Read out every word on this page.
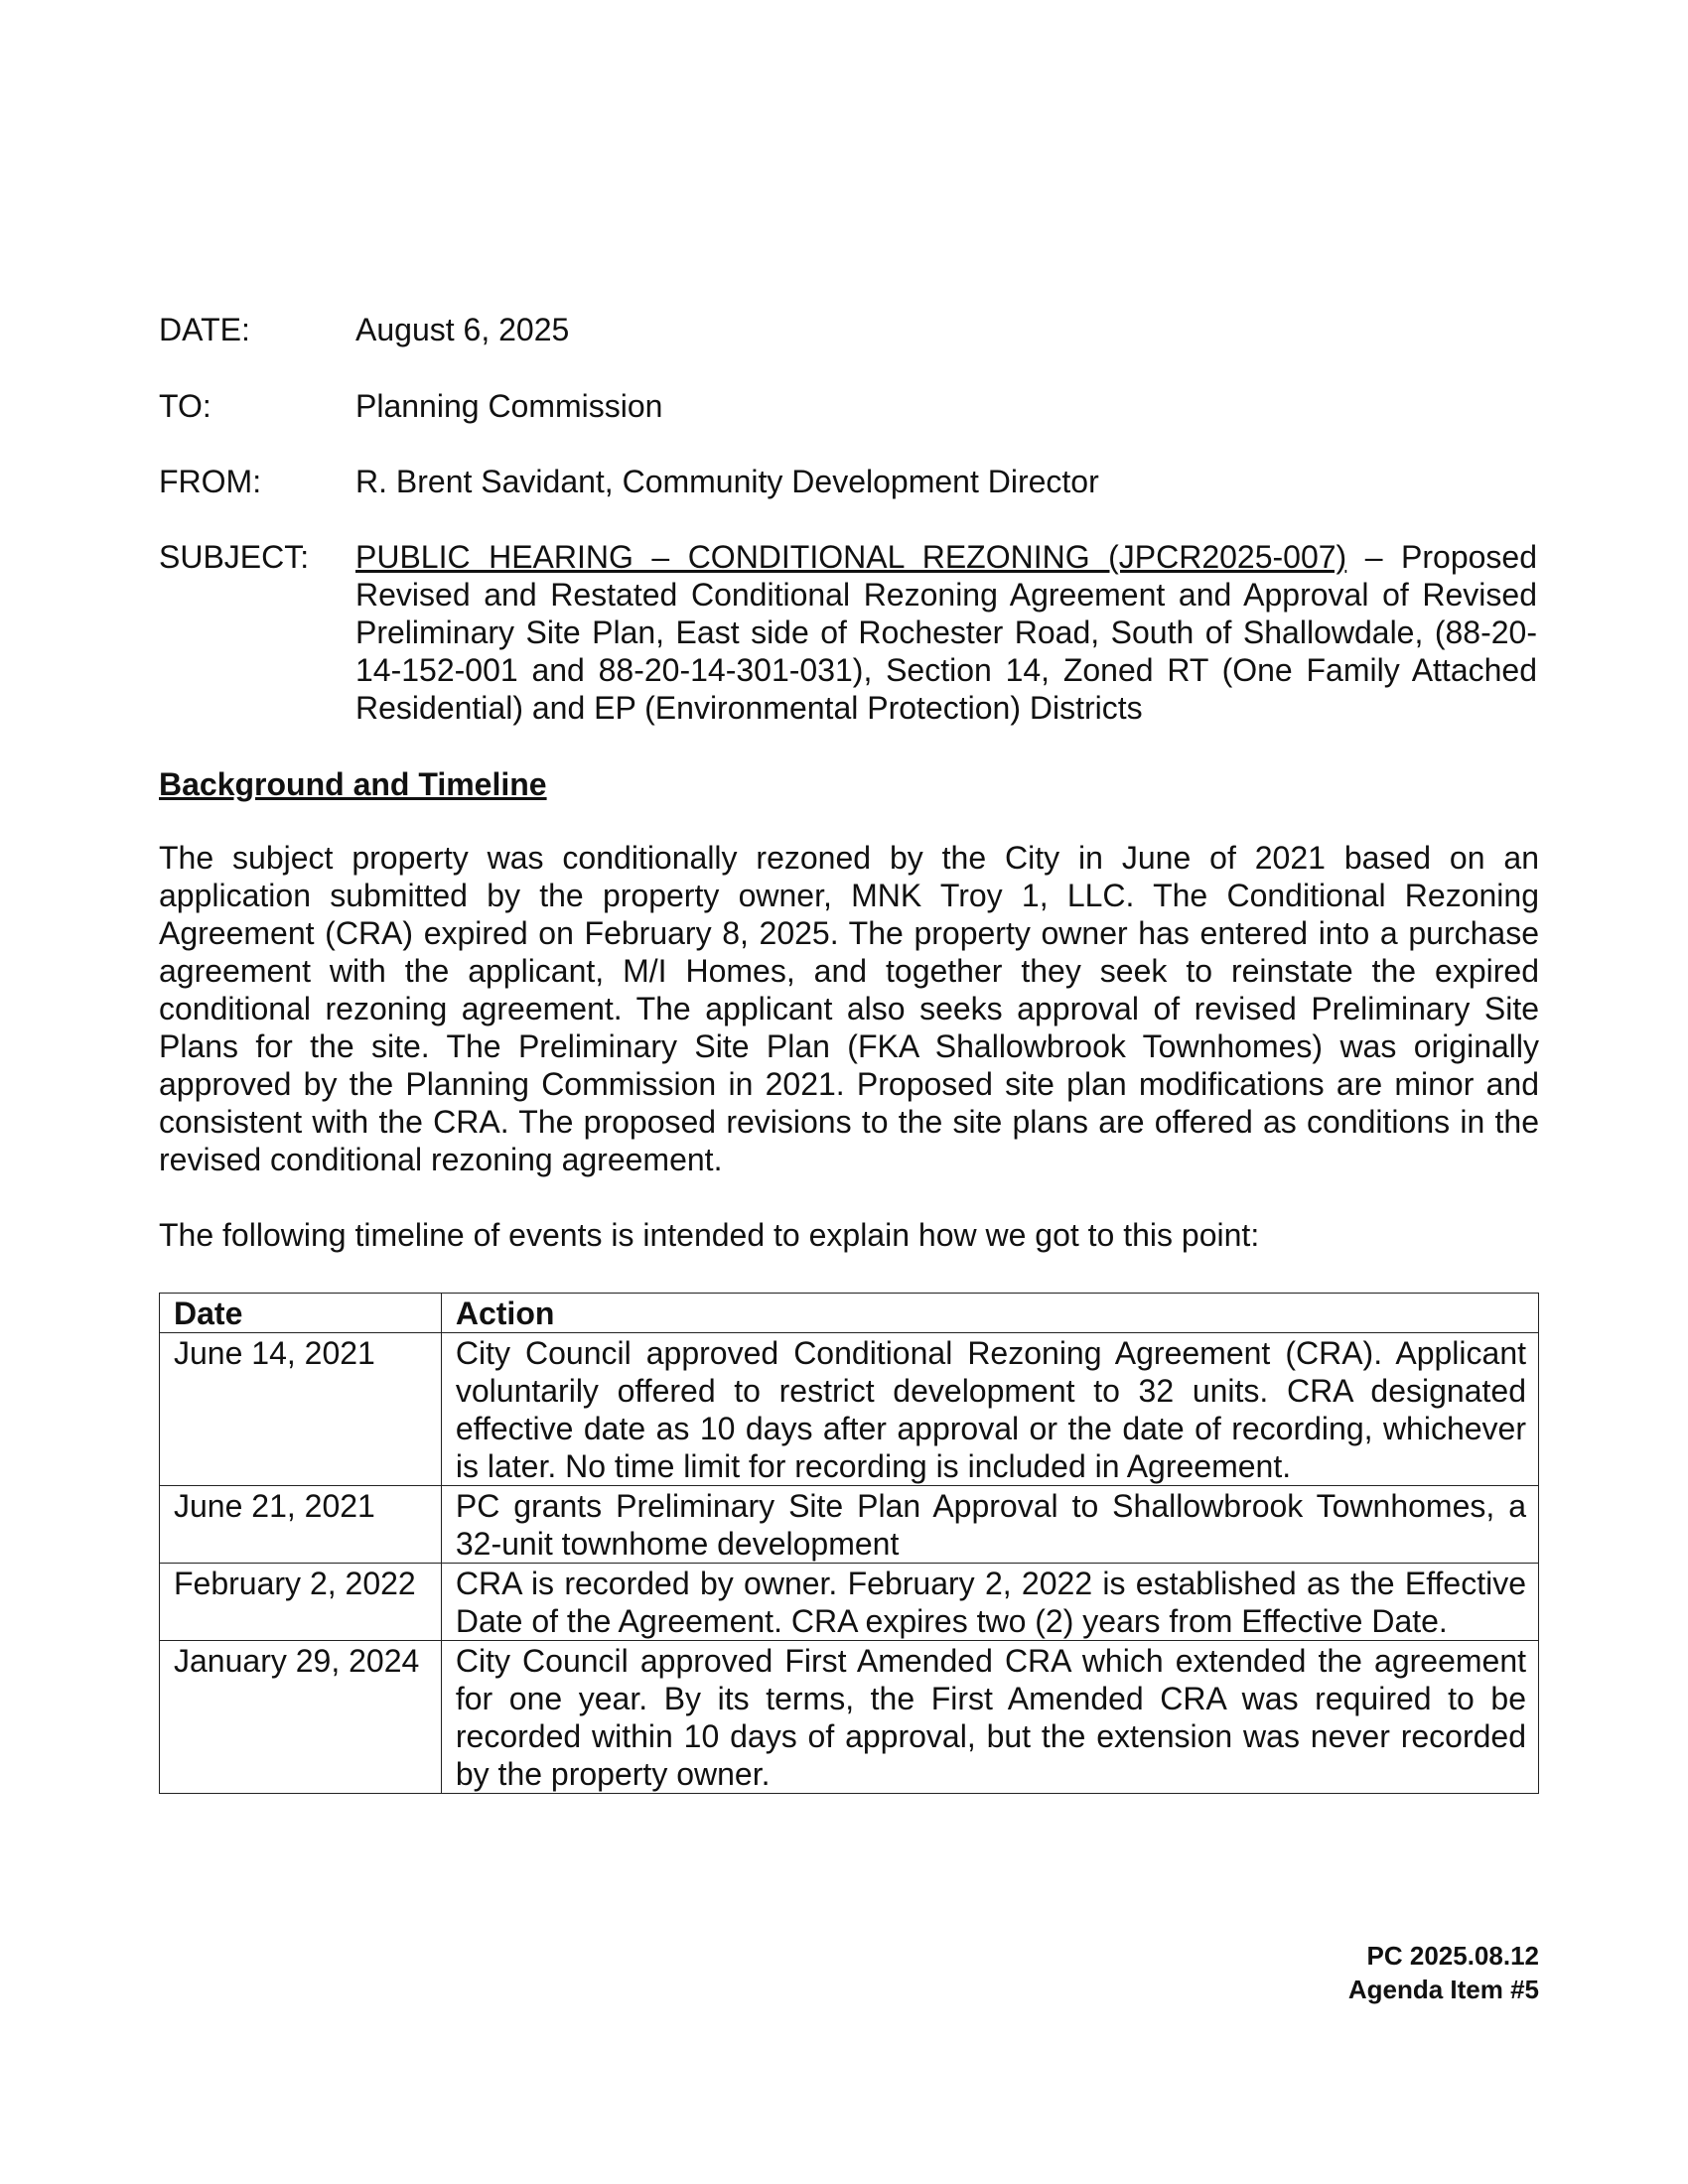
DATE:	August 6, 2025
TO:	Planning Commission
FROM:	R. Brent Savidant, Community Development Director
SUBJECT:	PUBLIC HEARING – CONDITIONAL REZONING (JPCR2025-007) – Proposed Revised and Restated Conditional Rezoning Agreement and Approval of Revised Preliminary Site Plan, East side of Rochester Road, South of Shallowdale, (88-20-14-152-001 and 88-20-14-301-031), Section 14, Zoned RT (One Family Attached Residential) and EP (Environmental Protection) Districts
Background and Timeline

The subject property was conditionally rezoned by the City in June of 2021 based on an application submitted by the property owner, MNK Troy 1, LLC. The Conditional Rezoning Agreement (CRA) expired on February 8, 2025. The property owner has entered into a purchase agreement with the applicant, M/I Homes, and together they seek to reinstate the expired conditional rezoning agreement. The applicant also seeks approval of revised Preliminary Site Plans for the site. The Preliminary Site Plan (FKA Shallowbrook Townhomes) was originally approved by the Planning Commission in 2021. Proposed site plan modifications are minor and consistent with the CRA. The proposed revisions to the site plans are offered as conditions in the revised conditional rezoning agreement.

The following timeline of events is intended to explain how we got to this point:

Date	Action
June 14, 2021	City Council approved Conditional Rezoning Agreement (CRA). Applicant voluntarily offered to restrict development to 32 units. CRA designated effective date as 10 days after approval or the date of recording, whichever is later. No time limit for recording is included in Agreement.
June 21, 2021	PC grants Preliminary Site Plan Approval to Shallowbrook Townhomes, a 32-unit townhome development
February 2, 2022	CRA is recorded by owner. February 2, 2022 is established as the Effective Date of the Agreement. CRA expires two (2) years from Effective Date.
January 29, 2024	City Council approved First Amended CRA which extended the agreement for one year. By its terms, the First Amended CRA was required to be recorded within 10 days of approval, but the extension was never recorded by the property owner.
PC 2025.08.12
Agenda Item #5
